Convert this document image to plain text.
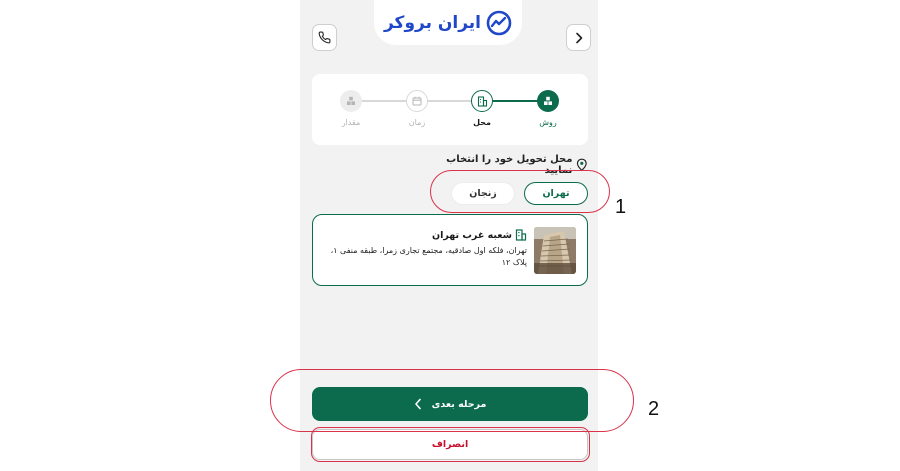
ایران بروکر
روش
محل
زمان
مقدار
محل تحویل خود را انتخاب نمایید
تهران
زنجان
شعبه غرب تهران
تهران، فلکه اول صادقیه، مجتمع تجاری زمرا، طبقه منفی ۱، پلاک ۱۲
مرحله بعدی
انصراف
1
2
